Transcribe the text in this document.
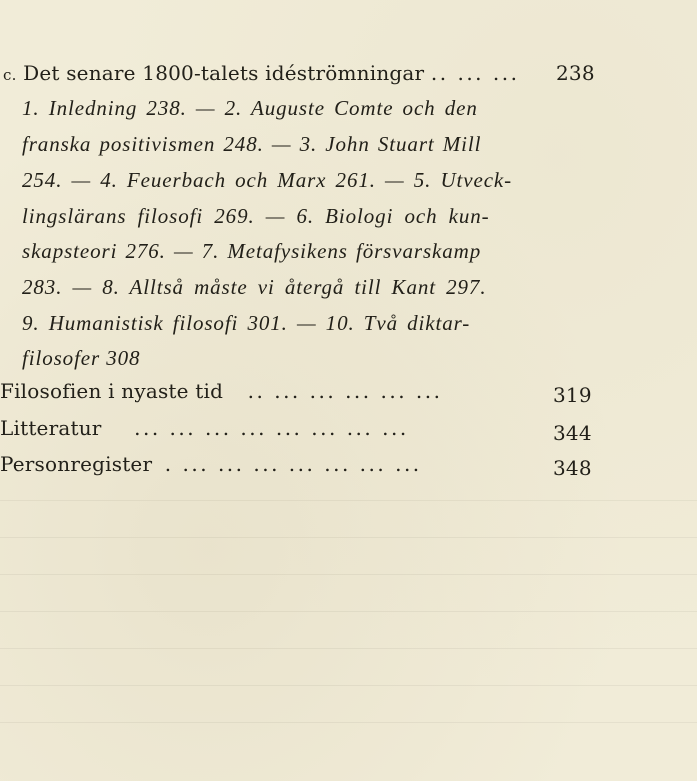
c. Det senare 1800-talets idéströmningar .. ... ... 238
1. Inledning 238. — 2. Auguste Comte och den
franska positivismen 248. — 3. John Stuart Mill
254. — 4. Feuerbach och Marx 261. — 5. Utveck-
lingslärans filosofi 269. — 6. Biologi och kun-
skapsteori 276. — 7. Metafysikens försvarskamp
283. — 8. Alltså måste vi återgå till Kant 297.
9. Humanistisk filosofi 301. — 10. Två diktar-
filosofer 308
Filosofien i nyaste tid .. ... ... ... ... ...	319
Litteratur ... ... ... ... ... ... ... ...	344
Personregister . ... ... ... ... ... ... ...	348
